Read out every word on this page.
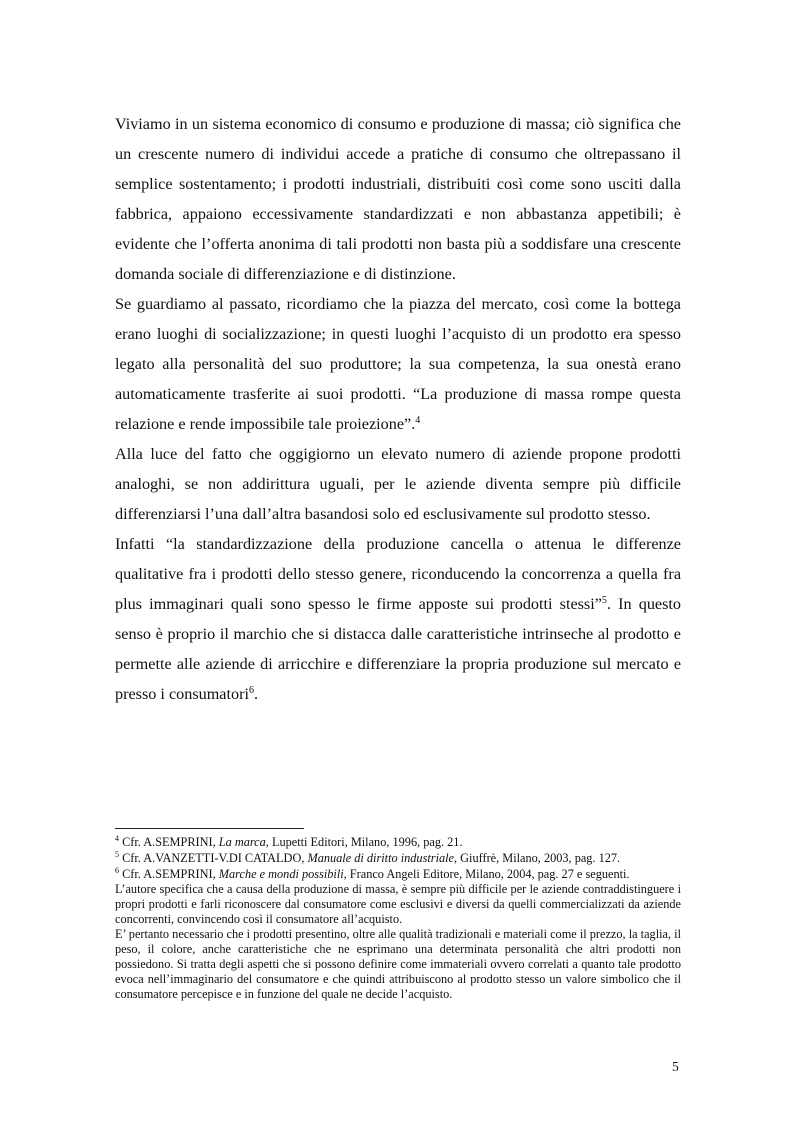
Viviamo in un sistema economico di consumo e produzione di massa; ciò significa che un crescente numero di individui accede a pratiche di consumo che oltrepassano il semplice sostentamento; i prodotti industriali, distribuiti così come sono usciti dalla fabbrica, appaiono eccessivamente standardizzati e non abbastanza appetibili; è evidente che l’offerta anonima di tali prodotti non basta più a soddisfare una crescente domanda sociale di differenziazione e di distinzione.

Se guardiamo al passato, ricordiamo che la piazza del mercato, così come la bottega erano luoghi di socializzazione; in questi luoghi l’acquisto di un prodotto era spesso legato alla personalità del suo produttore; la sua competenza, la sua onestà erano automaticamente trasferite ai suoi prodotti. “La produzione di massa rompe questa relazione e rende impossibile tale proiezione”.$^4$

Alla luce del fatto che oggigiorno un elevato numero di aziende propone prodotti analoghi, se non addirittura uguali, per le aziende diventa sempre più difficile differenziarsi l’una dall’altra basandosi solo ed esclusivamente sul prodotto stesso.

Infatti “la standardizzazione della produzione cancella o attenua le differenze qualitative fra i prodotti dello stesso genere, riconducendo la concorrenza a quella fra plus immaginari quali sono spesso le firme apposte sui prodotti stessi”$^5$. In questo senso è proprio il marchio che si distacca dalle caratteristiche intrinseche al prodotto e permette alle aziende di arricchire e differenziare la propria produzione sul mercato e presso i consumatori$^6$.

$^4$ Cfr. A.SEMPRINI, La marca, Lupetti Editori, Milano, 1996, pag. 21.

$^5$ Cfr. A.VANZETTI-V.DI CATALDO, Manuale di diritto industriale, Giuffrè, Milano, 2003, pag. 127.

$^6$ Cfr. A.SEMPRINI, Marche e mondi possibili, Franco Angeli Editore, Milano, 2004, pag. 27 e seguenti.

L’autore specifica che a causa della produzione di massa, è sempre più difficile per le aziende contraddistinguere i propri prodotti e farli riconoscere dal consumatore come esclusivi e diversi da quelli commercializzati da aziende concorrenti, convincendo così il consumatore all’acquisto.

E’ pertanto necessario che i prodotti presentino, oltre alle qualità tradizionali e materiali come il prezzo, la taglia, il peso, il colore, anche caratteristiche che ne esprimano una determinata personalità che altri prodotti non possiedono. Si tratta degli aspetti che si possono definire come immateriali ovvero correlati a quanto tale prodotto evoca nell’immaginario del consumatore e che quindi attribuiscono al prodotto stesso un valore simbolico che il consumatore percepisce e in funzione del quale ne decide l’acquisto.

5
